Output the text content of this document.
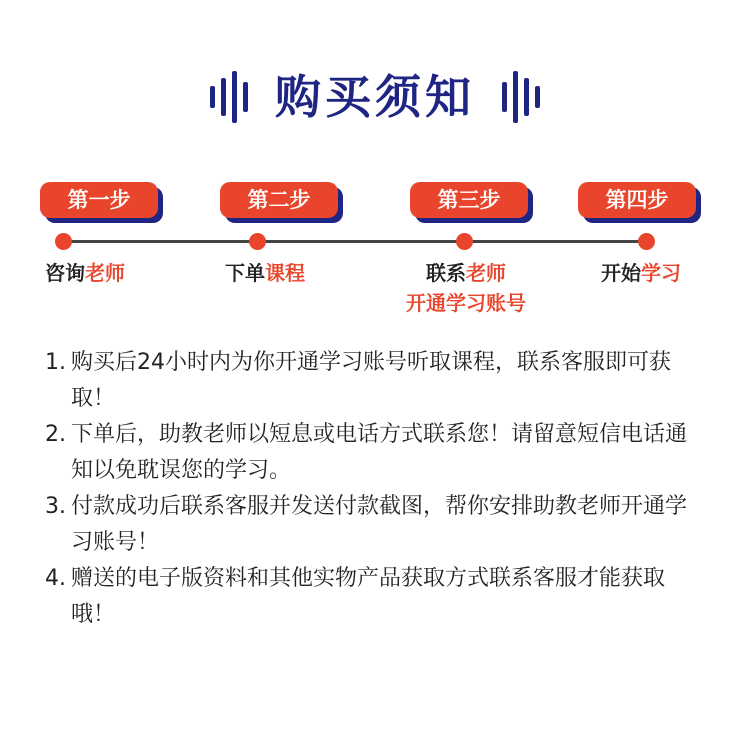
购买须知
第一步	第二步	第三步	第四步
咨询老师	下单课程	联系老师
开通学习账号
开始学习
1. 购买后24小时内为你开通学习账号听取课程，联系客服即可获取！
2. 下单后，助教老师以短息或电话方式联系您！请留意短信电话通知以免耽误您的学习。
3. 付款成功后联系客服并发送付款截图，帮你安排助教老师开通学习账号！
4. 赠送的电子版资料和其他实物产品获取方式联系客服才能获取哦！
